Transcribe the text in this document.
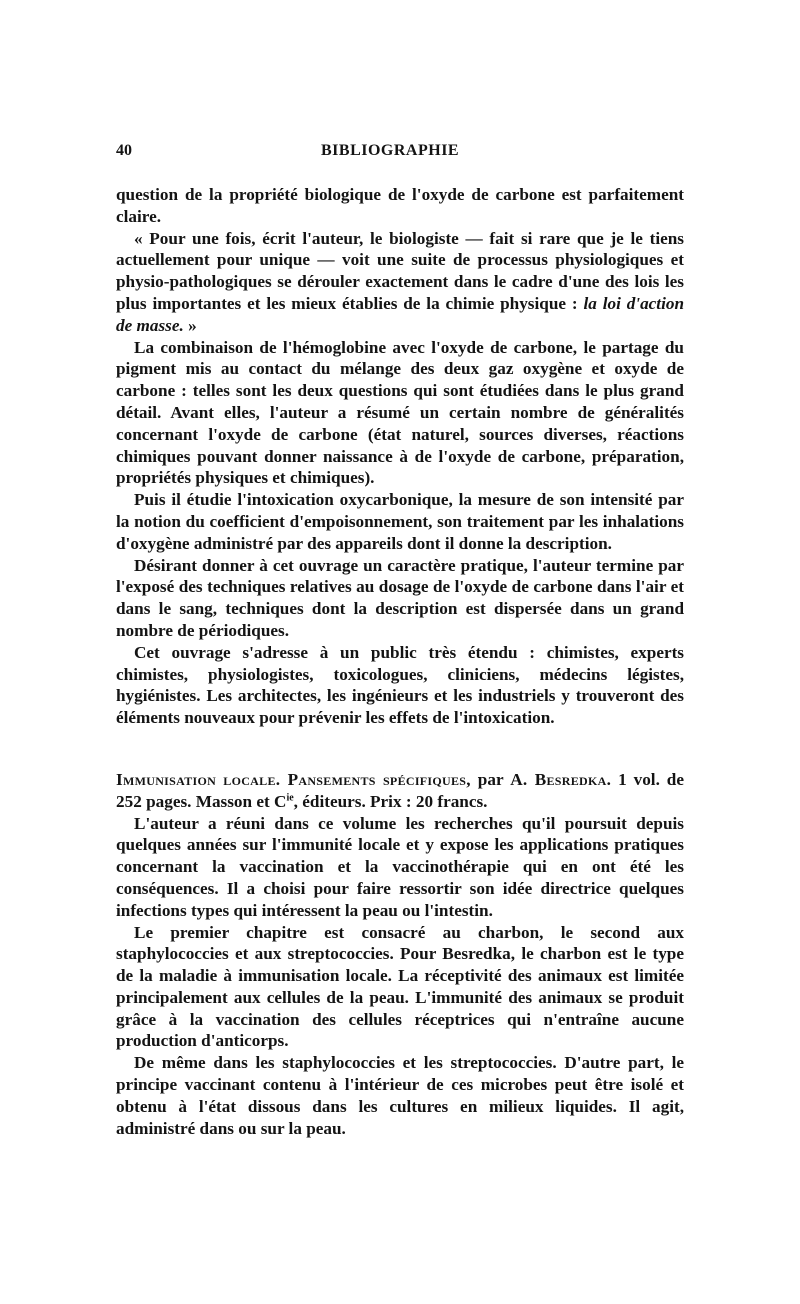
40	BIBLIOGRAPHIE

question de la propriété biologique de l'oxyde de carbone est parfaitement claire.

« Pour une fois, écrit l'auteur, le biologiste — fait si rare que je le tiens actuellement pour unique — voit une suite de processus physiologiques et physio-pathologiques se dérouler exactement dans le cadre d'une des lois les plus importantes et les mieux établies de la chimie physique : la loi d'action de masse. »

La combinaison de l'hémoglobine avec l'oxyde de carbone, le partage du pigment mis au contact du mélange des deux gaz oxygène et oxyde de carbone : telles sont les deux questions qui sont étudiées dans le plus grand détail. Avant elles, l'auteur a résumé un certain nombre de généralités concernant l'oxyde de carbone (état naturel, sources diverses, réactions chimiques pouvant donner naissance à de l'oxyde de carbone, préparation, propriétés physiques et chimiques).

Puis il étudie l'intoxication oxycarbonique, la mesure de son intensité par la notion du coefficient d'empoisonnement, son traitement par les inhalations d'oxygène administré par des appareils dont il donne la description.

Désirant donner à cet ouvrage un caractère pratique, l'auteur termine par l'exposé des techniques relatives au dosage de l'oxyde de carbone dans l'air et dans le sang, techniques dont la description est dispersée dans un grand nombre de périodiques.

Cet ouvrage s'adresse à un public très étendu : chimistes, experts chimistes, physiologistes, toxicologues, cliniciens, médecins légistes, hygiénistes. Les architectes, les ingénieurs et les industriels y trouveront des éléments nouveaux pour prévenir les effets de l'intoxication.

Immunisation locale. Pansements spécifiques, par A. Besredka. 1 vol. de 252 pages. Masson et $C^{ie}$, éditeurs. Prix : 20 francs.

L'auteur a réuni dans ce volume les recherches qu'il poursuit depuis quelques années sur l'immunité locale et y expose les applications pratiques concernant la vaccination et la vaccinothérapie qui en ont été les conséquences. Il a choisi pour faire ressortir son idée directrice quelques infections types qui intéressent la peau ou l'intestin.

Le premier chapitre est consacré au charbon, le second aux staphylococcies et aux streptococcies. Pour Besredka, le charbon est le type de la maladie à immunisation locale. La réceptivité des animaux est limitée principalement aux cellules de la peau. L'immunité des animaux se produit grâce à la vaccination des cellules réceptrices qui n'entraîne aucune production d'anticorps.

De même dans les staphylococcies et les streptococcies. D'autre part, le principe vaccinant contenu à l'intérieur de ces microbes peut être isolé et obtenu à l'état dissous dans les cultures en milieux liquides. Il agit, administré dans ou sur la peau.
